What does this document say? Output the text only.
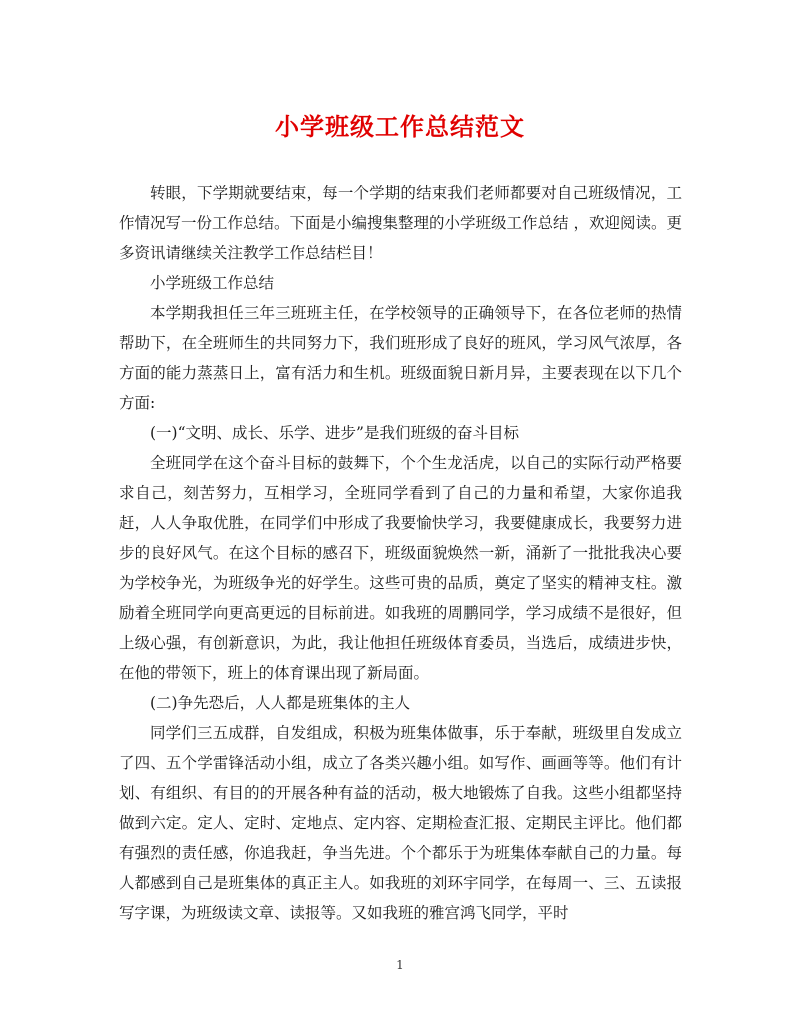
小学班级工作总结范文

转眼，下学期就要结束，每一个学期的结束我们老师都要对自己班级情况，工作情况写一份工作总结。下面是小编搜集整理的小学班级工作总结 ，欢迎阅读。更多资讯请继续关注教学工作总结栏目！

小学班级工作总结

本学期我担任三年三班班主任，在学校领导的正确领导下，在各位老师的热情帮助下，在全班师生的共同努力下，我们班形成了良好的班风，学习风气浓厚，各方面的能力蒸蒸日上，富有活力和生机。班级面貌日新月异，主要表现在以下几个方面:

(一)“文明、成长、乐学、进步”是我们班级的奋斗目标

全班同学在这个奋斗目标的鼓舞下，个个生龙活虎，以自己的实际行动严格要求自己，刻苦努力，互相学习，全班同学看到了自己的力量和希望，大家你追我赶，人人争取优胜，在同学们中形成了我要愉快学习，我要健康成长，我要努力进步的良好风气。在这个目标的感召下，班级面貌焕然一新，涌新了一批批我决心要为学校争光，为班级争光的好学生。这些可贵的品质，奠定了坚实的精神支柱。激励着全班同学向更高更远的目标前进。如我班的周鹏同学，学习成绩不是很好，但上级心强，有创新意识，为此，我让他担任班级体育委员，当选后，成绩进步快，在他的带领下，班上的体育课出现了新局面。

(二)争先恐后，人人都是班集体的主人

同学们三五成群，自发组成，积极为班集体做事，乐于奉献，班级里自发成立了四、五个学雷锋活动小组，成立了各类兴趣小组。如写作、画画等等。他们有计划、有组织、有目的的开展各种有益的活动，极大地锻炼了自我。这些小组都坚持做到六定。定人、定时、定地点、定内容、定期检查汇报、定期民主评比。他们都有强烈的责任感，你追我赶，争当先进。个个都乐于为班集体奉献自己的力量。每人都感到自己是班集体的真正主人。如我班的刘环宇同学，在每周一、三、五读报写字课，为班级读文章、读报等。又如我班的雅宫鸿飞同学，平时

1
